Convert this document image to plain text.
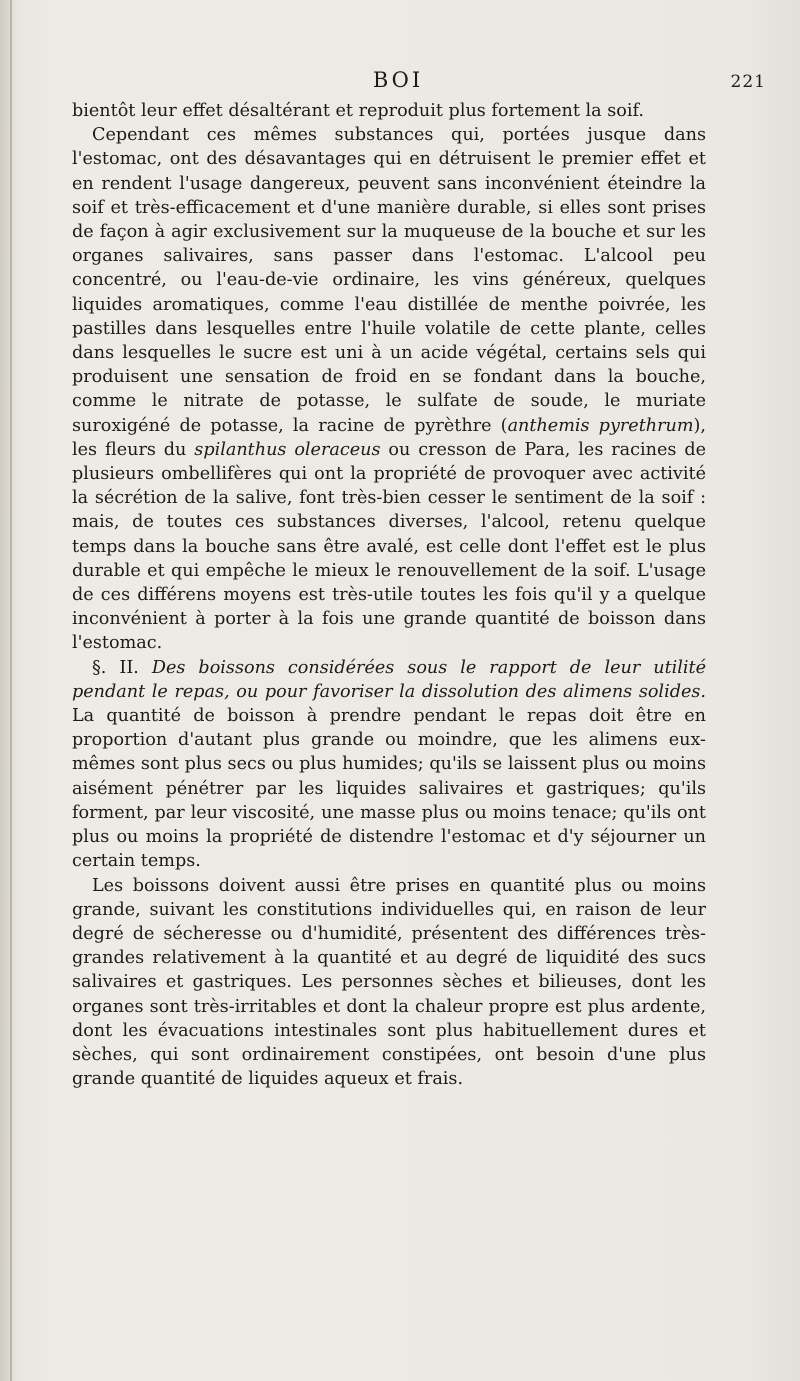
BOI	221

bientôt leur effet désaltérant et reproduit plus fortement la soif.

Cependant ces mêmes substances qui, portées jusque dans l'estomac, ont des désavantages qui en détruisent le premier effet et en rendent l'usage dangereux, peuvent sans inconvénient éteindre la soif et très-efficacement et d'une manière durable, si elles sont prises de façon à agir exclusivement sur la muqueuse de la bouche et sur les organes salivaires, sans passer dans l'estomac. L'alcool peu concentré, ou l'eau-de-vie ordinaire, les vins généreux, quelques liquides aromatiques, comme l'eau distillée de menthe poivrée, les pastilles dans lesquelles entre l'huile volatile de cette plante, celles dans lesquelles le sucre est uni à un acide végétal, certains sels qui produisent une sensation de froid en se fondant dans la bouche, comme le nitrate de potasse, le sulfate de soude, le muriate suroxigéné de potasse, la racine de pyrèthre (anthemis pyrethrum), les fleurs du spilanthus oleraceus ou cresson de Para, les racines de plusieurs ombellifères qui ont la propriété de provoquer avec activité la sécrétion de la salive, font très-bien cesser le sentiment de la soif : mais, de toutes ces substances diverses, l'alcool, retenu quelque temps dans la bouche sans être avalé, est celle dont l'effet est le plus durable et qui empêche le mieux le renouvellement de la soif. L'usage de ces différens moyens est très-utile toutes les fois qu'il y a quelque inconvénient à porter à la fois une grande quantité de boisson dans l'estomac.

§. II. Des boissons considérées sous le rapport de leur utilité pendant le repas, ou pour favoriser la dissolution des alimens solides. La quantité de boisson à prendre pendant le repas doit être en proportion d'autant plus grande ou moindre, que les alimens eux-mêmes sont plus secs ou plus humides; qu'ils se laissent plus ou moins aisément pénétrer par les liquides salivaires et gastriques; qu'ils forment, par leur viscosité, une masse plus ou moins tenace; qu'ils ont plus ou moins la propriété de distendre l'estomac et d'y séjourner un certain temps.

Les boissons doivent aussi être prises en quantité plus ou moins grande, suivant les constitutions individuelles qui, en raison de leur degré de sécheresse ou d'humidité, présentent des différences très-grandes relativement à la quantité et au degré de liquidité des sucs salivaires et gastriques. Les personnes sèches et bilieuses, dont les organes sont très-irritables et dont la chaleur propre est plus ardente, dont les évacuations intestinales sont plus habituellement dures et sèches, qui sont ordinairement constipées, ont besoin d'une plus grande quantité de liquides aqueux et frais.
